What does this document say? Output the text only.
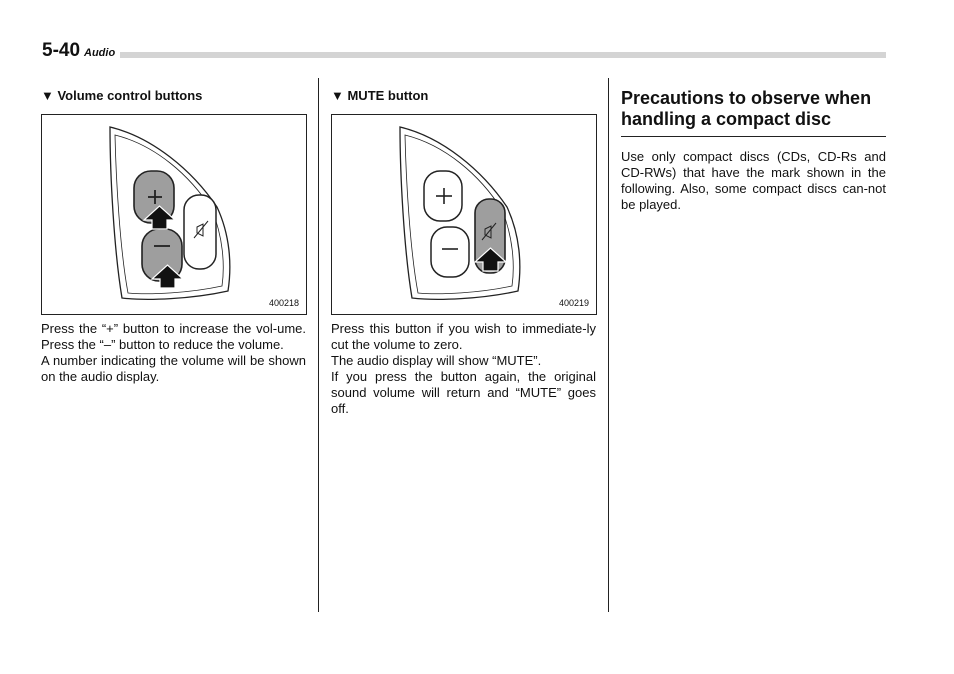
5-40 Audio
▼ Volume control buttons
400218

Press the “+” button to increase the vol-ume. Press the “–” button to reduce the volume.

A number indicating the volume will be shown on the audio display.

▼ MUTE button
400219

Press this button if you wish to immediate-ly cut the volume to zero.

The audio display will show “MUTE”.

If you press the button again, the original sound volume will return and “MUTE” goes off.

Precautions to observe when handling a compact disc

Use only compact discs (CDs, CD-Rs and CD-RWs) that have the mark shown in the following. Also, some compact discs can-not be played.
